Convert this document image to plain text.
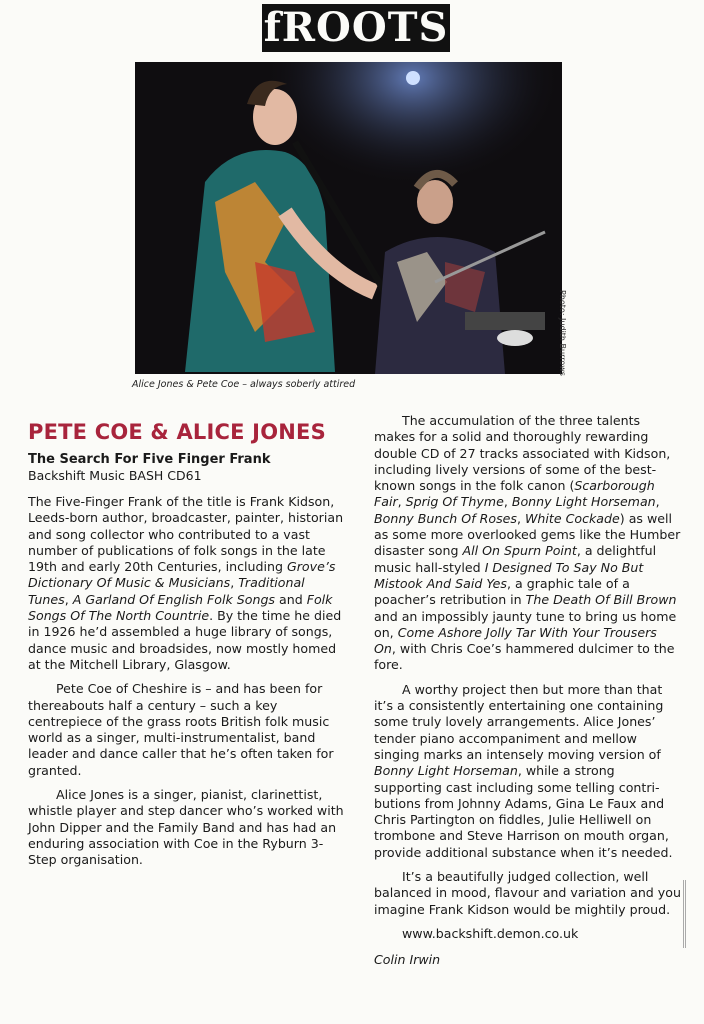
fROOTS
Photo: Judith Burrows
Alice Jones & Pete Coe – always soberly attired
PETE COE & ALICE JONES
The Search For Five Finger Frank
Backshift Music BASH CD61

The Five-Finger Frank of the title is Frank Kidson, Leeds-born author, broadcaster, painter, historian and song collector who contributed to a vast number of publications of folk songs in the late 19th and early 20th Centuries, including Grove’s Dictionary Of Music & Musicians, Traditional Tunes, A Garland Of English Folk Songs and Folk Songs Of The North Countrie. By the time he died in 1926 he’d assembled a huge library of songs, dance music and broadsides, now mostly homed at the Mitchell Library, Glasgow.

Pete Coe of Cheshire is – and has been for thereabouts half a century – such a key centrepiece of the grass roots British folk music world as a singer, multi-instrumentalist, band leader and dance caller that he’s often taken for granted.

Alice Jones is a singer, pianist, clarinettist, whistle player and step dancer who’s worked with John Dipper and the Family Band and has had an enduring association with Coe in the Ryburn 3-Step organisation.

The accumulation of the three talents makes for a solid and thoroughly rewarding double CD of 27 tracks associated with Kidson, including lively versions of some of the best-known songs in the folk canon (Scarborough Fair, Sprig Of Thyme, Bonny Light Horseman, Bonny Bunch Of Roses, White Cockade) as well as some more overlooked gems like the Humber disaster song All On Spurn Point, a delightful music hall-styled I Designed To Say No But Mistook And Said Yes, a graphic tale of a poacher’s retribution in The Death Of Bill Brown and an impossibly jaunty tune to bring us home on, Come Ashore Jolly Tar With Your Trousers On, with Chris Coe’s hammered dulcimer to the fore.

A worthy project then but more than that it’s a consistently entertaining one containing some truly lovely arrangements. Alice Jones’ tender piano accompaniment and mellow singing marks an intensely moving version of Bonny Light Horseman, while a strong supporting cast including some telling contributions from Johnny Adams, Gina Le Faux and Chris Partington on fiddles, Julie Helliwell on trombone and Steve Harrison on mouth organ, provide additional substance when it’s needed.

It’s a beautifully judged collection, well balanced in mood, flavour and variation and you imagine Frank Kidson would be mightily proud.

www.backshift.demon.co.uk
Colin Irwin
